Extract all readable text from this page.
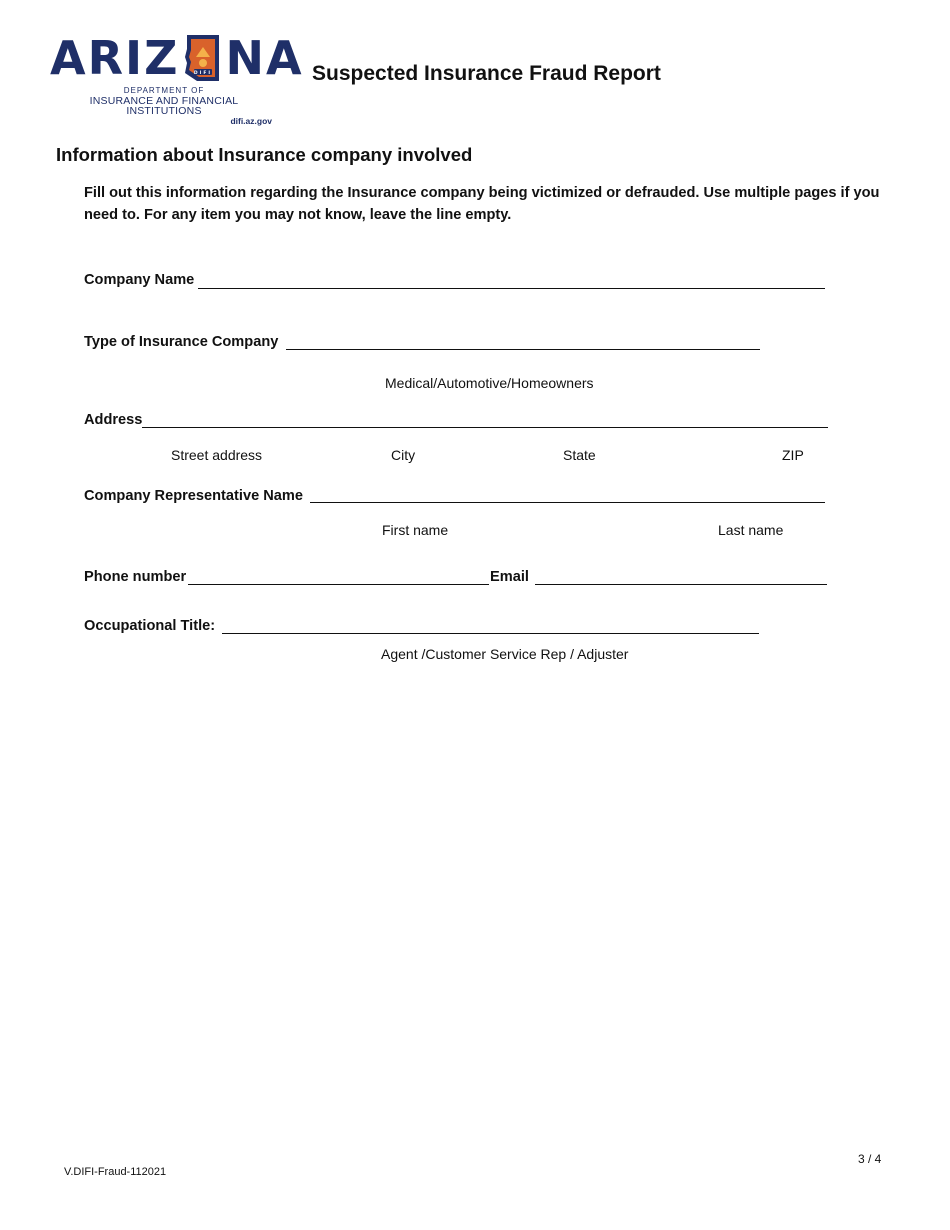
ARIZ	DIFI NA
DEPARTMENT OF
INSURANCE AND FINANCIAL INSTITUTIONS
difi.az.gov
Suspected Insurance Fraud Report
Information about Insurance company involved
Fill out this information regarding the Insurance company being victimized or defrauded. Use multiple pages if you need to. For any item you may not know, leave the line empty.
Company Name
Type of Insurance Company
Medical/Automotive/Homeowners
Address
Street address	City	State	ZIP
Company Representative Name
First name	Last name
Phone number	Email
Occupational Title:
Agent /Customer Service Rep / Adjuster
V.DIFI-Fraud-112021
3 / 4
